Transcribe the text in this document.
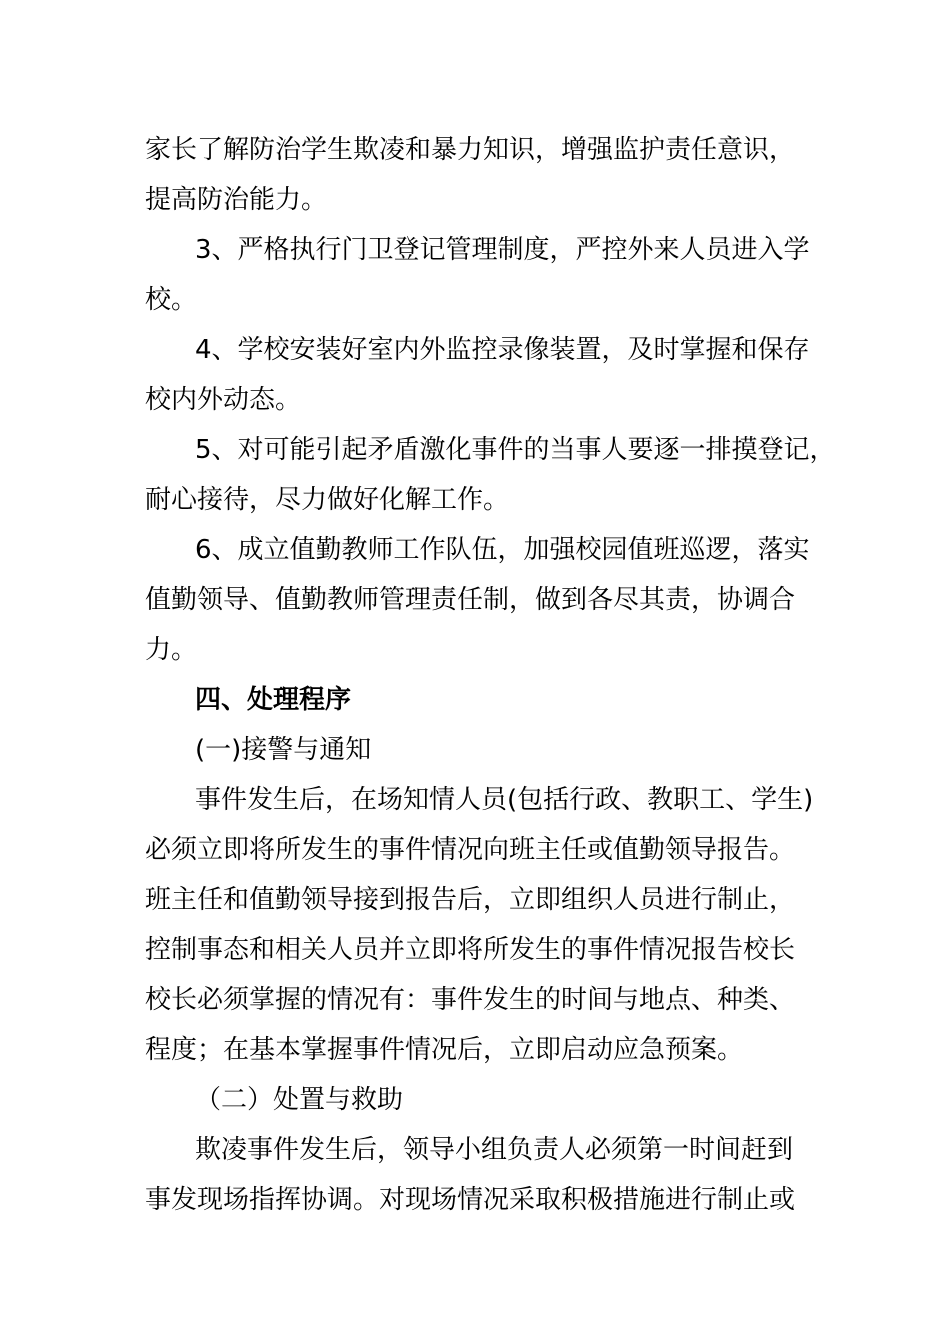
家长了解防治学生欺凌和暴力知识，增强监护责任意识，
提高防治能力。
3、严格执行门卫登记管理制度，严控外来人员进入学
校。
4、学校安装好室内外监控录像装置，及时掌握和保存
校内外动态。
5、对可能引起矛盾激化事件的当事人要逐一排摸登记，
耐心接待，尽力做好化解工作。
6、成立值勤教师工作队伍，加强校园值班巡逻，落实
值勤领导、值勤教师管理责任制，做到各尽其责，协调合
力。
四、处理程序
(一)接警与通知
事件发生后，在场知情人员(包括行政、教职工、学生)
必须立即将所发生的事件情况向班主任或值勤领导报告。
班主任和值勤领导接到报告后，立即组织人员进行制止，
控制事态和相关人员并立即将所发生的事件情况报告校长
校长必须掌握的情况有：事件发生的时间与地点、种类、
程度；在基本掌握事件情况后，立即启动应急预案。
（二）处置与救助
欺凌事件发生后，领导小组负责人必须第一时间赶到
事发现场指挥协调。对现场情况采取积极措施进行制止或
